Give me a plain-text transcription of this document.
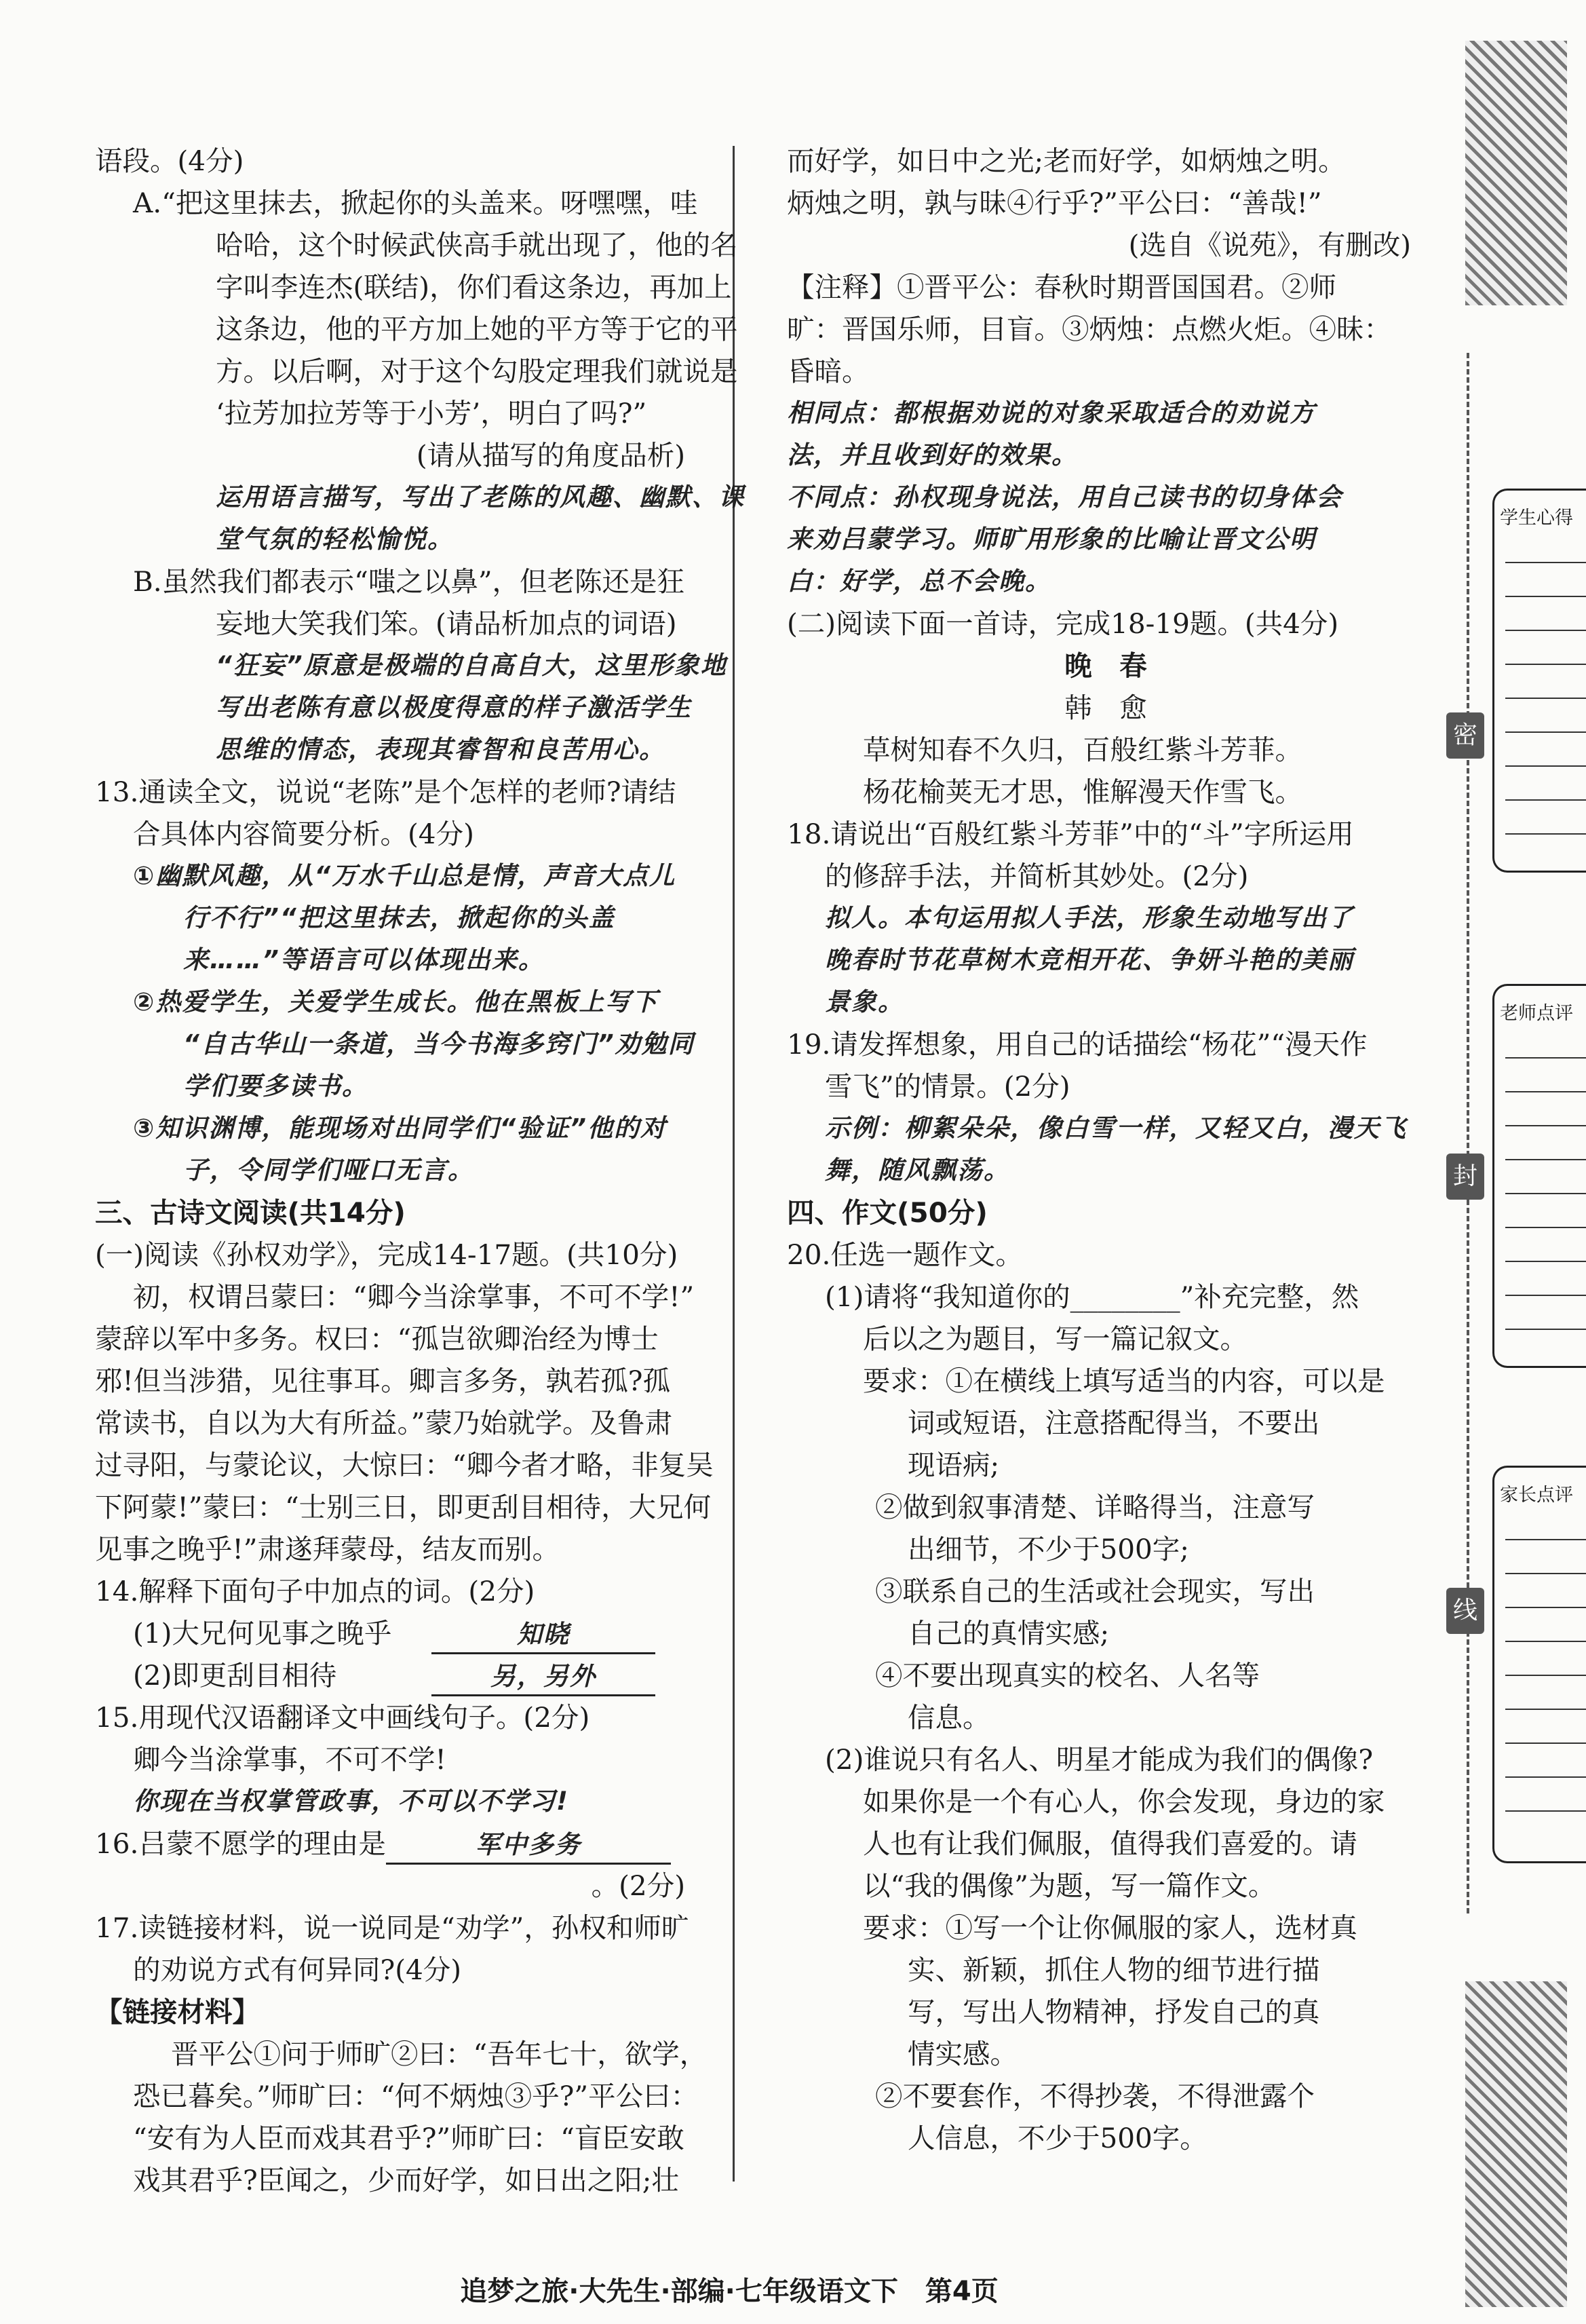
语段。(4分)
A.“把这里抹去，掀起你的头盖来。呀嘿嘿，哇
哈哈，这个时候武侠高手就出现了，他的名
字叫李连杰(联结)，你们看这条边，再加上
这条边，他的平方加上她的平方等于它的平
方。以后啊，对于这个勾股定理我们就说是
‘拉芳加拉芳等于小芳’，明白了吗?”
(请从描写的角度品析)
运用语言描写，写出了老陈的风趣、幽默、课
堂气氛的轻松愉悦。
B.虽然我们都表示“嗤之以鼻”，但老陈还是狂
妄地大笑我们笨。(请品析加点的词语)
“狂妄”原意是极端的自高自大，这里形象地
写出老陈有意以极度得意的样子激活学生
思维的情态，表现其睿智和良苦用心。
13.通读全文，说说“老陈”是个怎样的老师?请结
合具体内容简要分析。(4分)
①幽默风趣，从“万水千山总是情，声音大点儿
行不行”“把这里抹去，掀起你的头盖
来……”等语言可以体现出来。
②热爱学生，关爱学生成长。他在黑板上写下
“自古华山一条道，当今书海多窍门”劝勉同
学们要多读书。
③知识渊博，能现场对出同学们“验证”他的对
子，令同学们哑口无言。
三、古诗文阅读(共14分)
(一)阅读《孙权劝学》，完成14-17题。(共10分)
初，权谓吕蒙曰：“卿今当涂掌事，不可不学!”
蒙辞以军中多务。权曰：“孤岂欲卿治经为博士
邪!但当涉猎，见往事耳。卿言多务，孰若孤?孤
常读书，自以为大有所益。”蒙乃始就学。及鲁肃
过寻阳，与蒙论议，大惊曰：“卿今者才略，非复吴
下阿蒙!”蒙曰：“士别三日，即更刮目相待，大兄何
见事之晚乎!”肃遂拜蒙母，结友而别。
14.解释下面句子中加点的词。(2分)
(1)大兄何见事之晚乎	知晓
(2)即更刮目相待	另，另外
15.用现代汉语翻译文中画线句子。(2分)
卿今当涂掌事，不可不学!
你现在当权掌管政事，不可以不学习!
16.吕蒙不愿学的理由是	军中多务
。(2分)
17.读链接材料，说一说同是“劝学”，孙权和师旷
的劝说方式有何异同?(4分)
【链接材料】
晋平公①问于师旷②曰：“吾年七十，欲学，
恐已暮矣。”师旷曰：“何不炳烛③乎?”平公曰：
“安有为人臣而戏其君乎?”师旷曰：“盲臣安敢
戏其君乎?臣闻之，少而好学，如日出之阳;壮
而好学，如日中之光;老而好学，如炳烛之明。
炳烛之明，孰与昧④行乎?”平公曰：“善哉!”
(选自《说苑》，有删改)
【注释】①晋平公：春秋时期晋国国君。②师
旷：晋国乐师，目盲。③炳烛：点燃火炬。④昧：
昏暗。
相同点：都根据劝说的对象采取适合的劝说方
法，并且收到好的效果。
不同点：孙权现身说法，用自己读书的切身体会
来劝吕蒙学习。师旷用形象的比喻让晋文公明
白：好学，总不会晚。
(二)阅读下面一首诗，完成18-19题。(共4分)
晚　春
韩　愈
草树知春不久归，百般红紫斗芳菲。
杨花榆荚无才思，惟解漫天作雪飞。
18.请说出“百般红紫斗芳菲”中的“斗”字所运用
的修辞手法，并简析其妙处。(2分)
拟人。本句运用拟人手法，形象生动地写出了
晚春时节花草树木竞相开花、争妍斗艳的美丽
景象。
19.请发挥想象，用自己的话描绘“杨花”“漫天作
雪飞”的情景。(2分)
示例：柳絮朵朵，像白雪一样，又轻又白，漫天飞
舞，随风飘荡。
四、作文(50分)
20.任选一题作文。
(1)请将“我知道你的________”补充完整，然
后以之为题目，写一篇记叙文。
要求：①在横线上填写适当的内容，可以是
词或短语，注意搭配得当，不要出
现语病;
②做到叙事清楚、详略得当，注意写
出细节，不少于500字;
③联系自己的生活或社会现实，写出
自己的真情实感;
④不要出现真实的校名、人名等
信息。
(2)谁说只有名人、明星才能成为我们的偶像?
如果你是一个有心人，你会发现，身边的家
人也有让我们佩服，值得我们喜爱的。请
以“我的偶像”为题，写一篇作文。
要求：①写一个让你佩服的家人，选材真
实、新颖，抓住人物的细节进行描
写，写出人物精神，抒发自己的真
情实感。
②不要套作，不得抄袭，不得泄露个
人信息，不少于500字。
追梦之旅·大先生·部编·七年级语文下　第4页
密
封
线
学生心得
老师点评
家长点评
